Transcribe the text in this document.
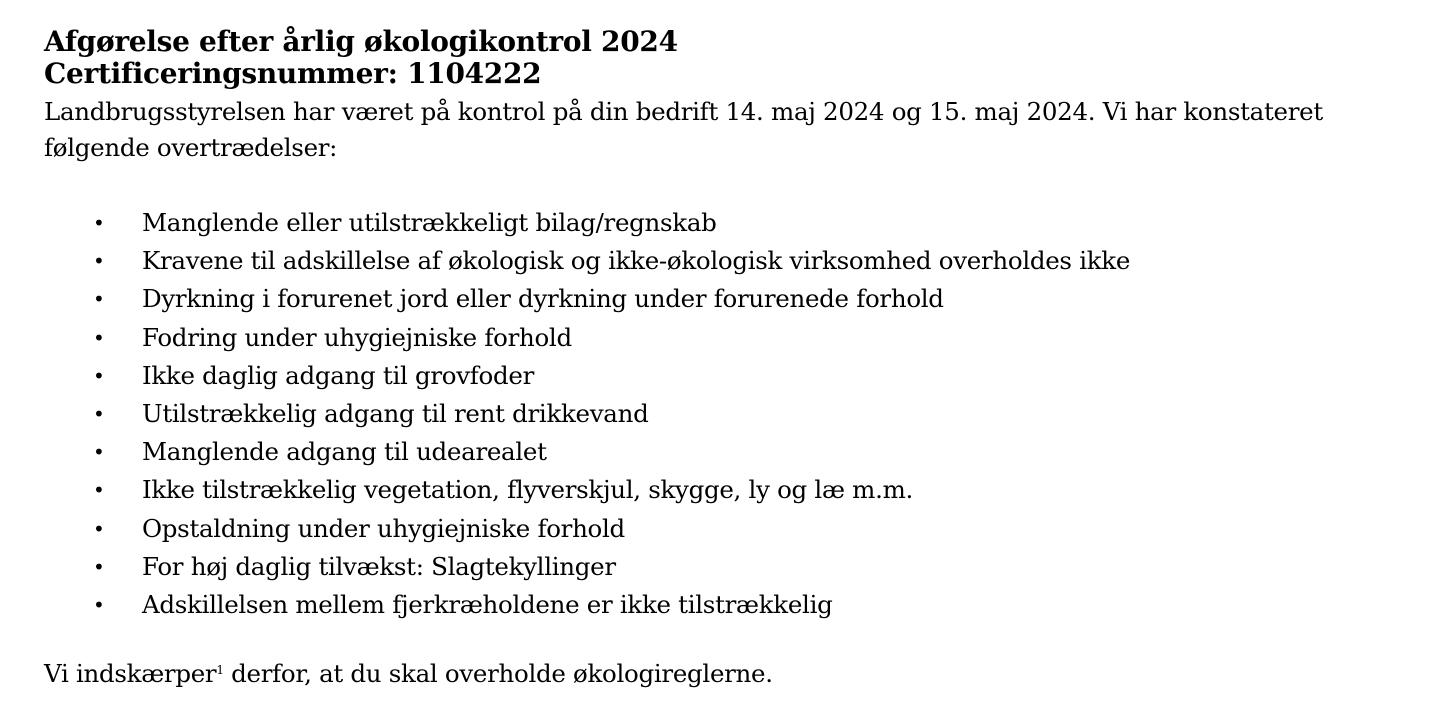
Afgørelse efter årlig økologikontrol 2024
Certificeringsnummer: 1104222

Landbrugsstyrelsen har været på kontrol på din bedrift 14. maj 2024 og 15. maj 2024. Vi har konstateret følgende overtrædelser:

• Manglende eller utilstrækkeligt bilag/regnskab
• Kravene til adskillelse af økologisk og ikke-økologisk virksomhed overholdes ikke
• Dyrkning i forurenet jord eller dyrkning under forurenede forhold
• Fodring under uhygiejniske forhold
• Ikke daglig adgang til grovfoder
• Utilstrækkelig adgang til rent drikkevand
• Manglende adgang til udearealet
• Ikke tilstrækkelig vegetation, flyverskjul, skygge, ly og læ m.m.
• Opstaldning under uhygiejniske forhold
• For høj daglig tilvækst: Slagtekyllinger
• Adskillelsen mellem fjerkræholdene er ikke tilstrækkelig

Vi indskærper$^1$ derfor, at du skal overholde økologireglerne.
